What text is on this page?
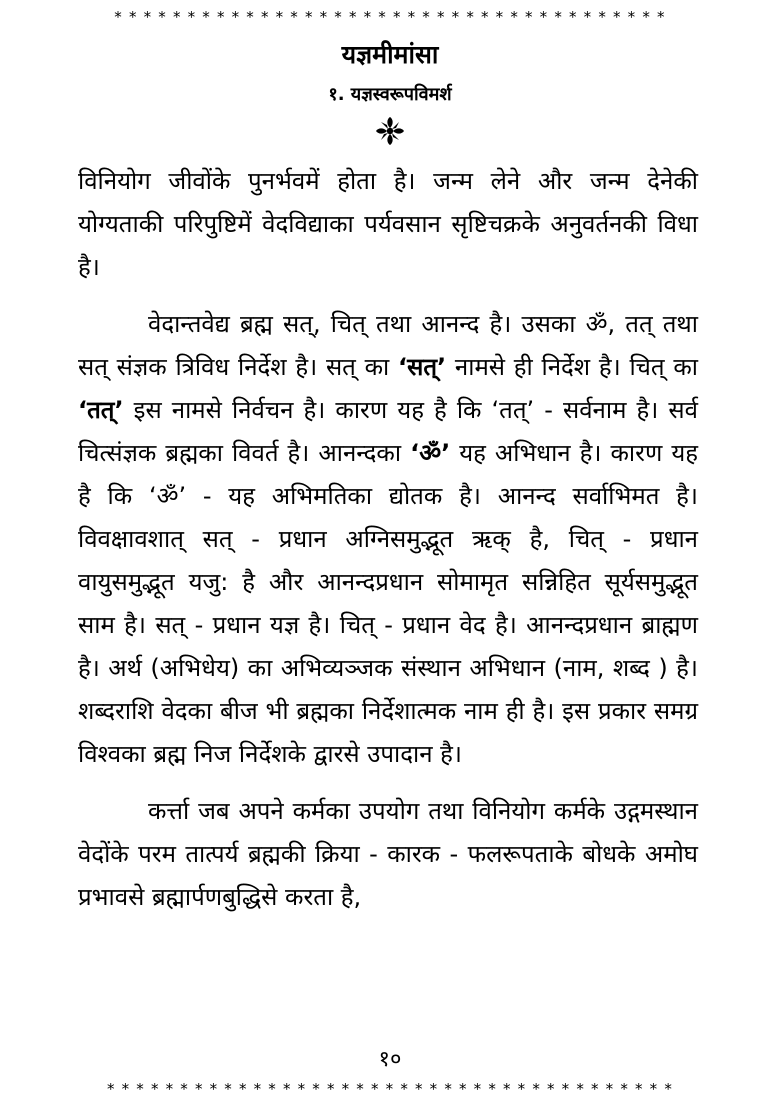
* * * * * * * * * * * * * * * * * * * * * * * * * * * * * * * * * * * * * *
यज्ञमीमांसा
१. यज्ञस्वरूपविमर्श

विनियोग जीवोंके पुनर्भवमें होता है। जन्म लेने और जन्म देनेकी योग्यताकी परिपुष्टिमें वेदविद्याका पर्यवसान सृष्टिचक्रके अनुवर्तनकी विधा है।

वेदान्तवेद्य ब्रह्म सत्, चित् तथा आनन्द है। उसका ॐ, तत् तथा सत् संज्ञक त्रिविध निर्देश है। सत् का ‘सत्’ नामसे ही निर्देश है। चित् का ‘तत्’ इस नामसे निर्वचन है। कारण यह है कि ‘तत्’ - सर्वनाम है। सर्व चित्संज्ञक ब्रह्मका विवर्त है। आनन्दका ‘ॐ’ यह अभिधान है। कारण यह है कि ‘ॐ’ - यह अभिमतिका द्योतक है। आनन्द सर्वाभिमत है। विवक्षावशात् सत् - प्रधान अग्निसमुद्भूत ऋक् है, चित् - प्रधान वायुसमुद्भूत यजु: है और आनन्दप्रधान सोमामृत सन्निहित सूर्यसमुद्भूत साम है। सत् - प्रधान यज्ञ है। चित् - प्रधान वेद है। आनन्दप्रधान ब्राह्मण है। अर्थ (अभिधेय) का अभिव्यञ्जक संस्थान अभिधान (नाम, शब्द ) है। शब्दराशि वेदका बीज भी ब्रह्मका निर्देशात्मक नाम ही है। इस प्रकार समग्र विश्वका ब्रह्म निज निर्देशके द्वारसे उपादान है।

कर्त्ता जब अपने कर्मका उपयोग तथा विनियोग कर्मके उद्गमस्थान वेदोंके परम तात्पर्य ब्रह्मकी क्रिया - कारक - फलरूपताके बोधके अमोघ प्रभावसे ब्रह्मार्पणबुद्धिसे करता है,

१०
* * * * * * * * * * * * * * * * * * * * * * * * * * * * * * * * * * * * * * *
